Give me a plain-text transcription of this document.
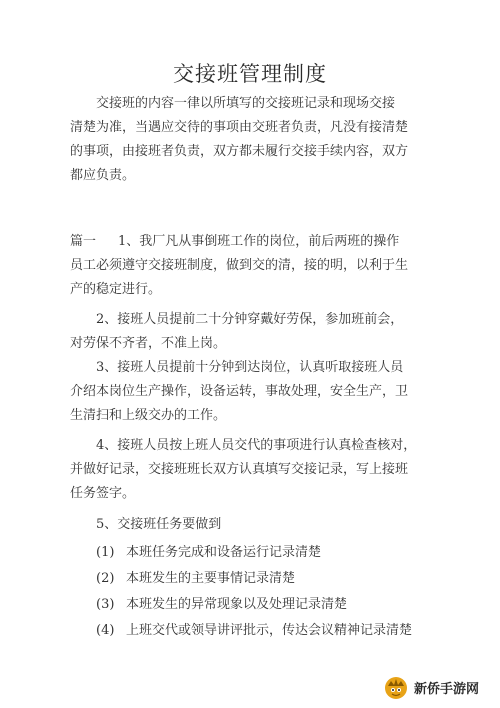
交接班管理制度
交接班的内容一律以所填写的交接班记录和现场交接
清楚为准，当遇应交待的事项由交班者负责，凡没有接清楚
的事项，由接班者负责，双方都未履行交接手续内容，双方
都应负责。
篇一 1、我厂凡从事倒班工作的岗位，前后两班的操作
员工必须遵守交接班制度，做到交的清，接的明，以利于生
产的稳定进行。
2、接班人员提前二十分钟穿戴好劳保，参加班前会，
对劳保不齐者，不准上岗。
3、接班人员提前十分钟到达岗位，认真听取接班人员
介绍本岗位生产操作，设备运转，事故处理，安全生产，卫
生清扫和上级交办的工作。
4、接班人员按上班人员交代的事项进行认真检查核对，
并做好记录，交接班班长双方认真填写交接记录，写上接班
任务签字。
5、交接班任务要做到
(1) 本班任务完成和设备运行记录清楚
(2) 本班发生的主要事情记录清楚
(3) 本班发生的异常现象以及处理记录清楚
(4) 上班交代或领导讲评批示，传达会议精神记录清楚
新侨手游网
